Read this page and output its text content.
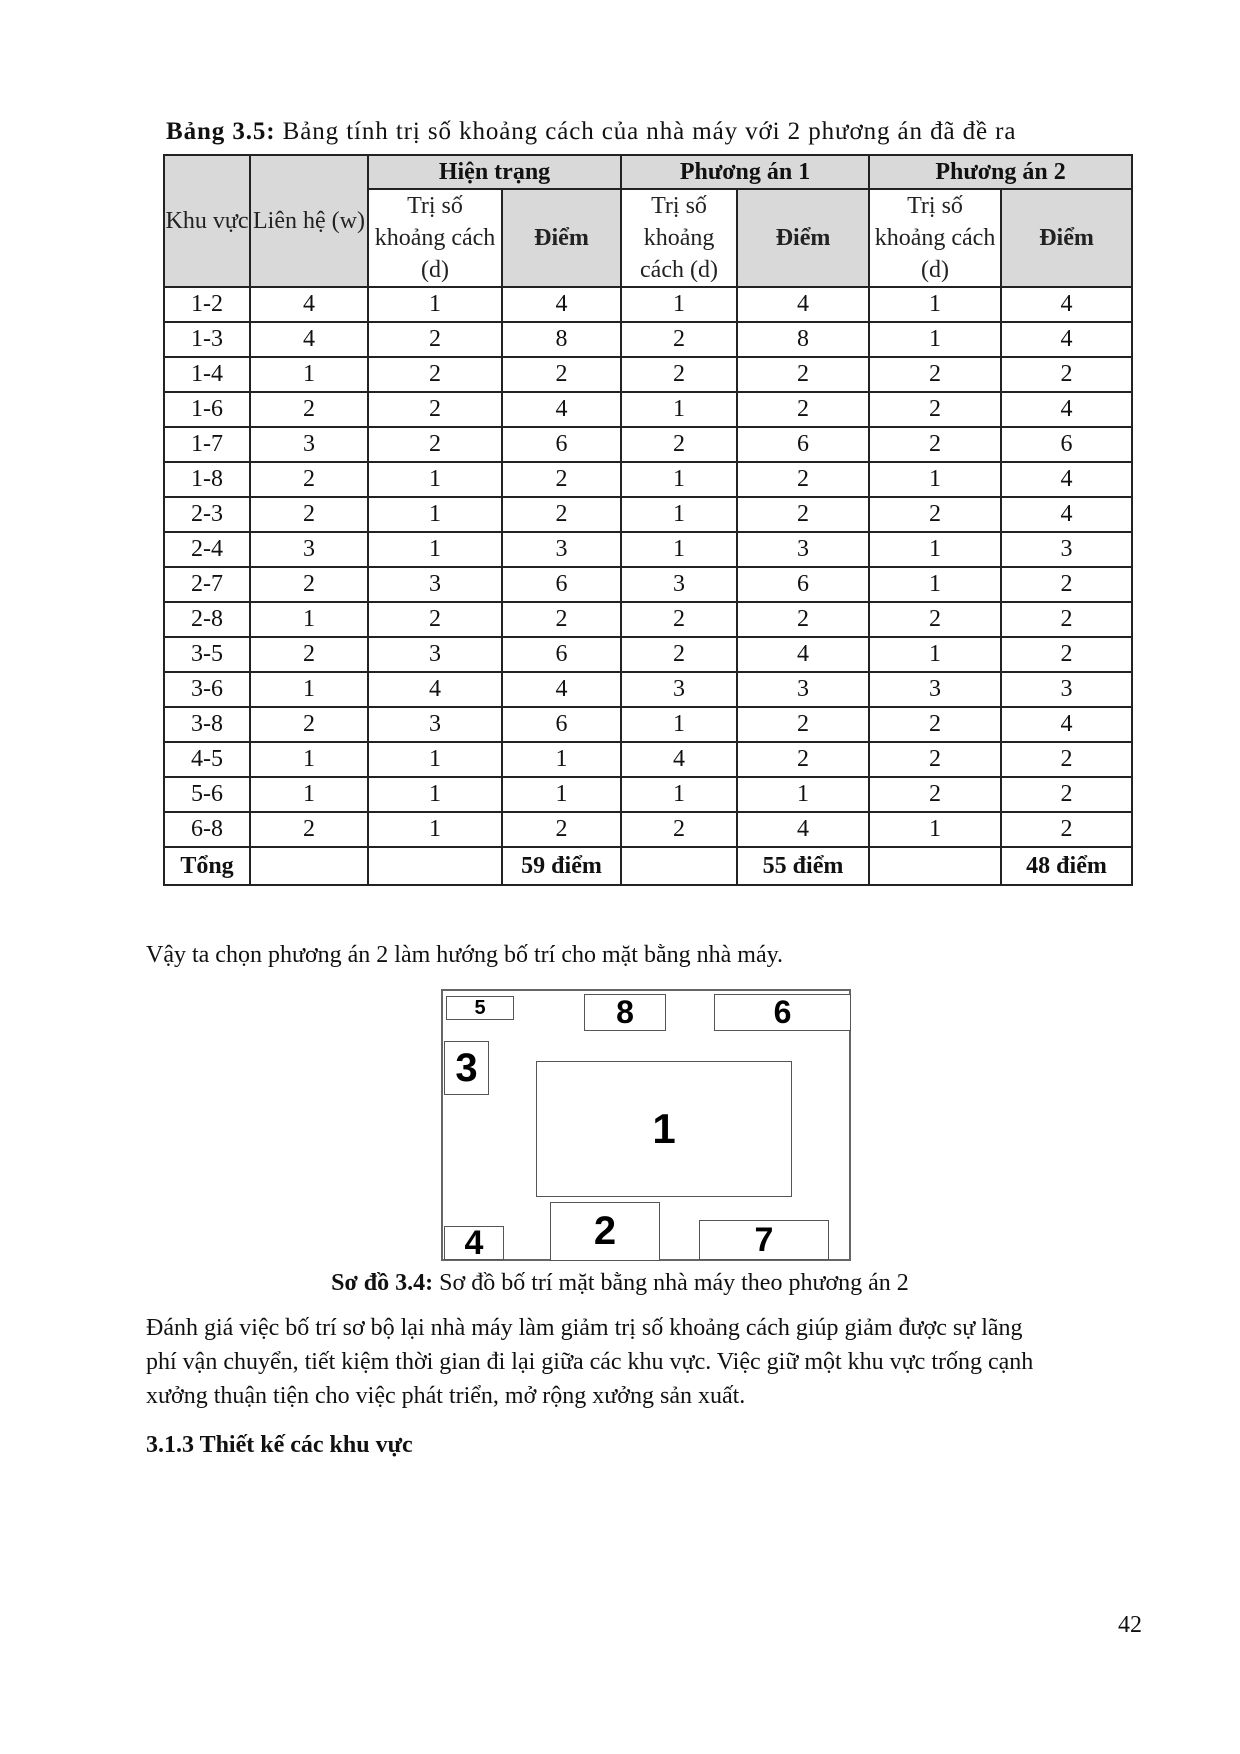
Bảng 3.5: Bảng tính trị số khoảng cách của nhà máy với 2 phương án đã đề ra
Khu vực	Liên hệ (w)	Hiện trạng		Phương án 1		Phương án 2	
		Trị số khoảng cách (d)	Điểm	Trị số khoảng cách (d)	Điểm	Trị số khoảng cách (d)	Điểm
1-2	4	1	4	1	4	1	4
1-3	4	2	8	2	8	1	4
1-4	1	2	2	2	2	2	2
1-6	2	2	4	1	2	2	4
1-7	3	2	6	2	6	2	6
1-8	2	1	2	1	2	1	4
2-3	2	1	2	1	2	2	4
2-4	3	1	3	1	3	1	3
2-7	2	3	6	3	6	1	2
2-8	1	2	2	2	2	2	2
3-5	2	3	6	2	4	1	2
3-6	1	4	4	3	3	3	3
3-8	2	3	6	1	2	2	4
4-5	1	1	1	4	2	2	2
5-6	1	1	1	1	1	2	2
6-8	2	1	2	2	4	1	2
Tổng			59 điểm		55 điểm		48 điểm
Vậy ta chọn phương án 2 làm hướng bố trí cho mặt bằng nhà máy.
5	8	6
3
1
4	2	7
Sơ đồ 3.4: Sơ đồ bố trí mặt bằng nhà máy theo phương án 2
Đánh giá việc bố trí sơ bộ lại nhà máy làm giảm trị số khoảng cách giúp giảm được sự lãng
phí vận chuyển, tiết kiệm thời gian đi lại giữa các khu vực. Việc giữ một khu vực trống cạnh
xưởng thuận tiện cho việc phát triển, mở rộng xưởng sản xuất.
3.1.3 Thiết kế các khu vực
42
